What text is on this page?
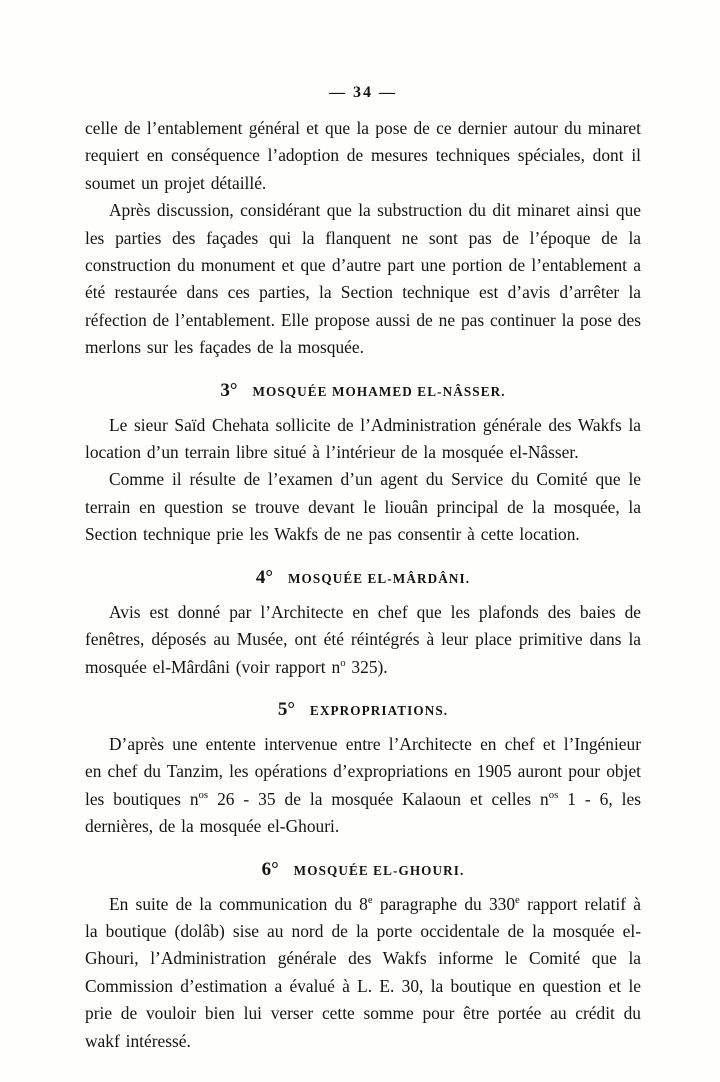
— 34 —

celle de l’entablement général et que la pose de ce dernier autour du minaret requiert en conséquence l’adoption de mesures techniques spéciales, dont il soumet un projet détaillé.

Après discussion, considérant que la substruction du dit minaret ainsi que les parties des façades qui la flanquent ne sont pas de l’époque de la construction du monument et que d’autre part une portion de l’entablement a été restaurée dans ces parties, la Section technique est d’avis d’arrêter la réfection de l’entablement. Elle propose aussi de ne pas continuer la pose des merlons sur les façades de la mosquée.

3° MOSQUÉE MOHAMED EL-NÂSSER.

Le sieur Saïd Chehata sollicite de l’Administration générale des Wakfs la location d’un terrain libre situé à l’intérieur de la mosquée el-Nâsser.

Comme il résulte de l’examen d’un agent du Service du Comité que le terrain en question se trouve devant le liouân principal de la mosquée, la Section technique prie les Wakfs de ne pas consentir à cette location.

4° MOSQUÉE EL-MÂRDÂNI.

Avis est donné par l’Architecte en chef que les plafonds des baies de fenêtres, déposés au Musée, ont été réintégrés à leur place primitive dans la mosquée el-Mârdâni (voir rapport $n^o$ 325).

5° EXPROPRIATIONS.

D’après une entente intervenue entre l’Architecte en chef et l’Ingénieur en chef du Tanzim, les opérations d’expropriations en 1905 auront pour objet les boutiques $n^{os}$ 26 - 35 de la mosquée Kalaoun et celles $n^{os}$ 1 - 6, les dernières, de la mosquée el-Ghouri.

6° MOSQUÉE EL-GHOURI.

En suite de la communication du 8e paragraphe du 330e rapport relatif à la boutique (dolâb) sise au nord de la porte occidentale de la mosquée el-Ghouri, l’Administration générale des Wakfs informe le Comité que la Commission d’estimation a évalué à L. E. 30, la boutique en question et le prie de vouloir bien lui verser cette somme pour être portée au crédit du wakf intéressé.
